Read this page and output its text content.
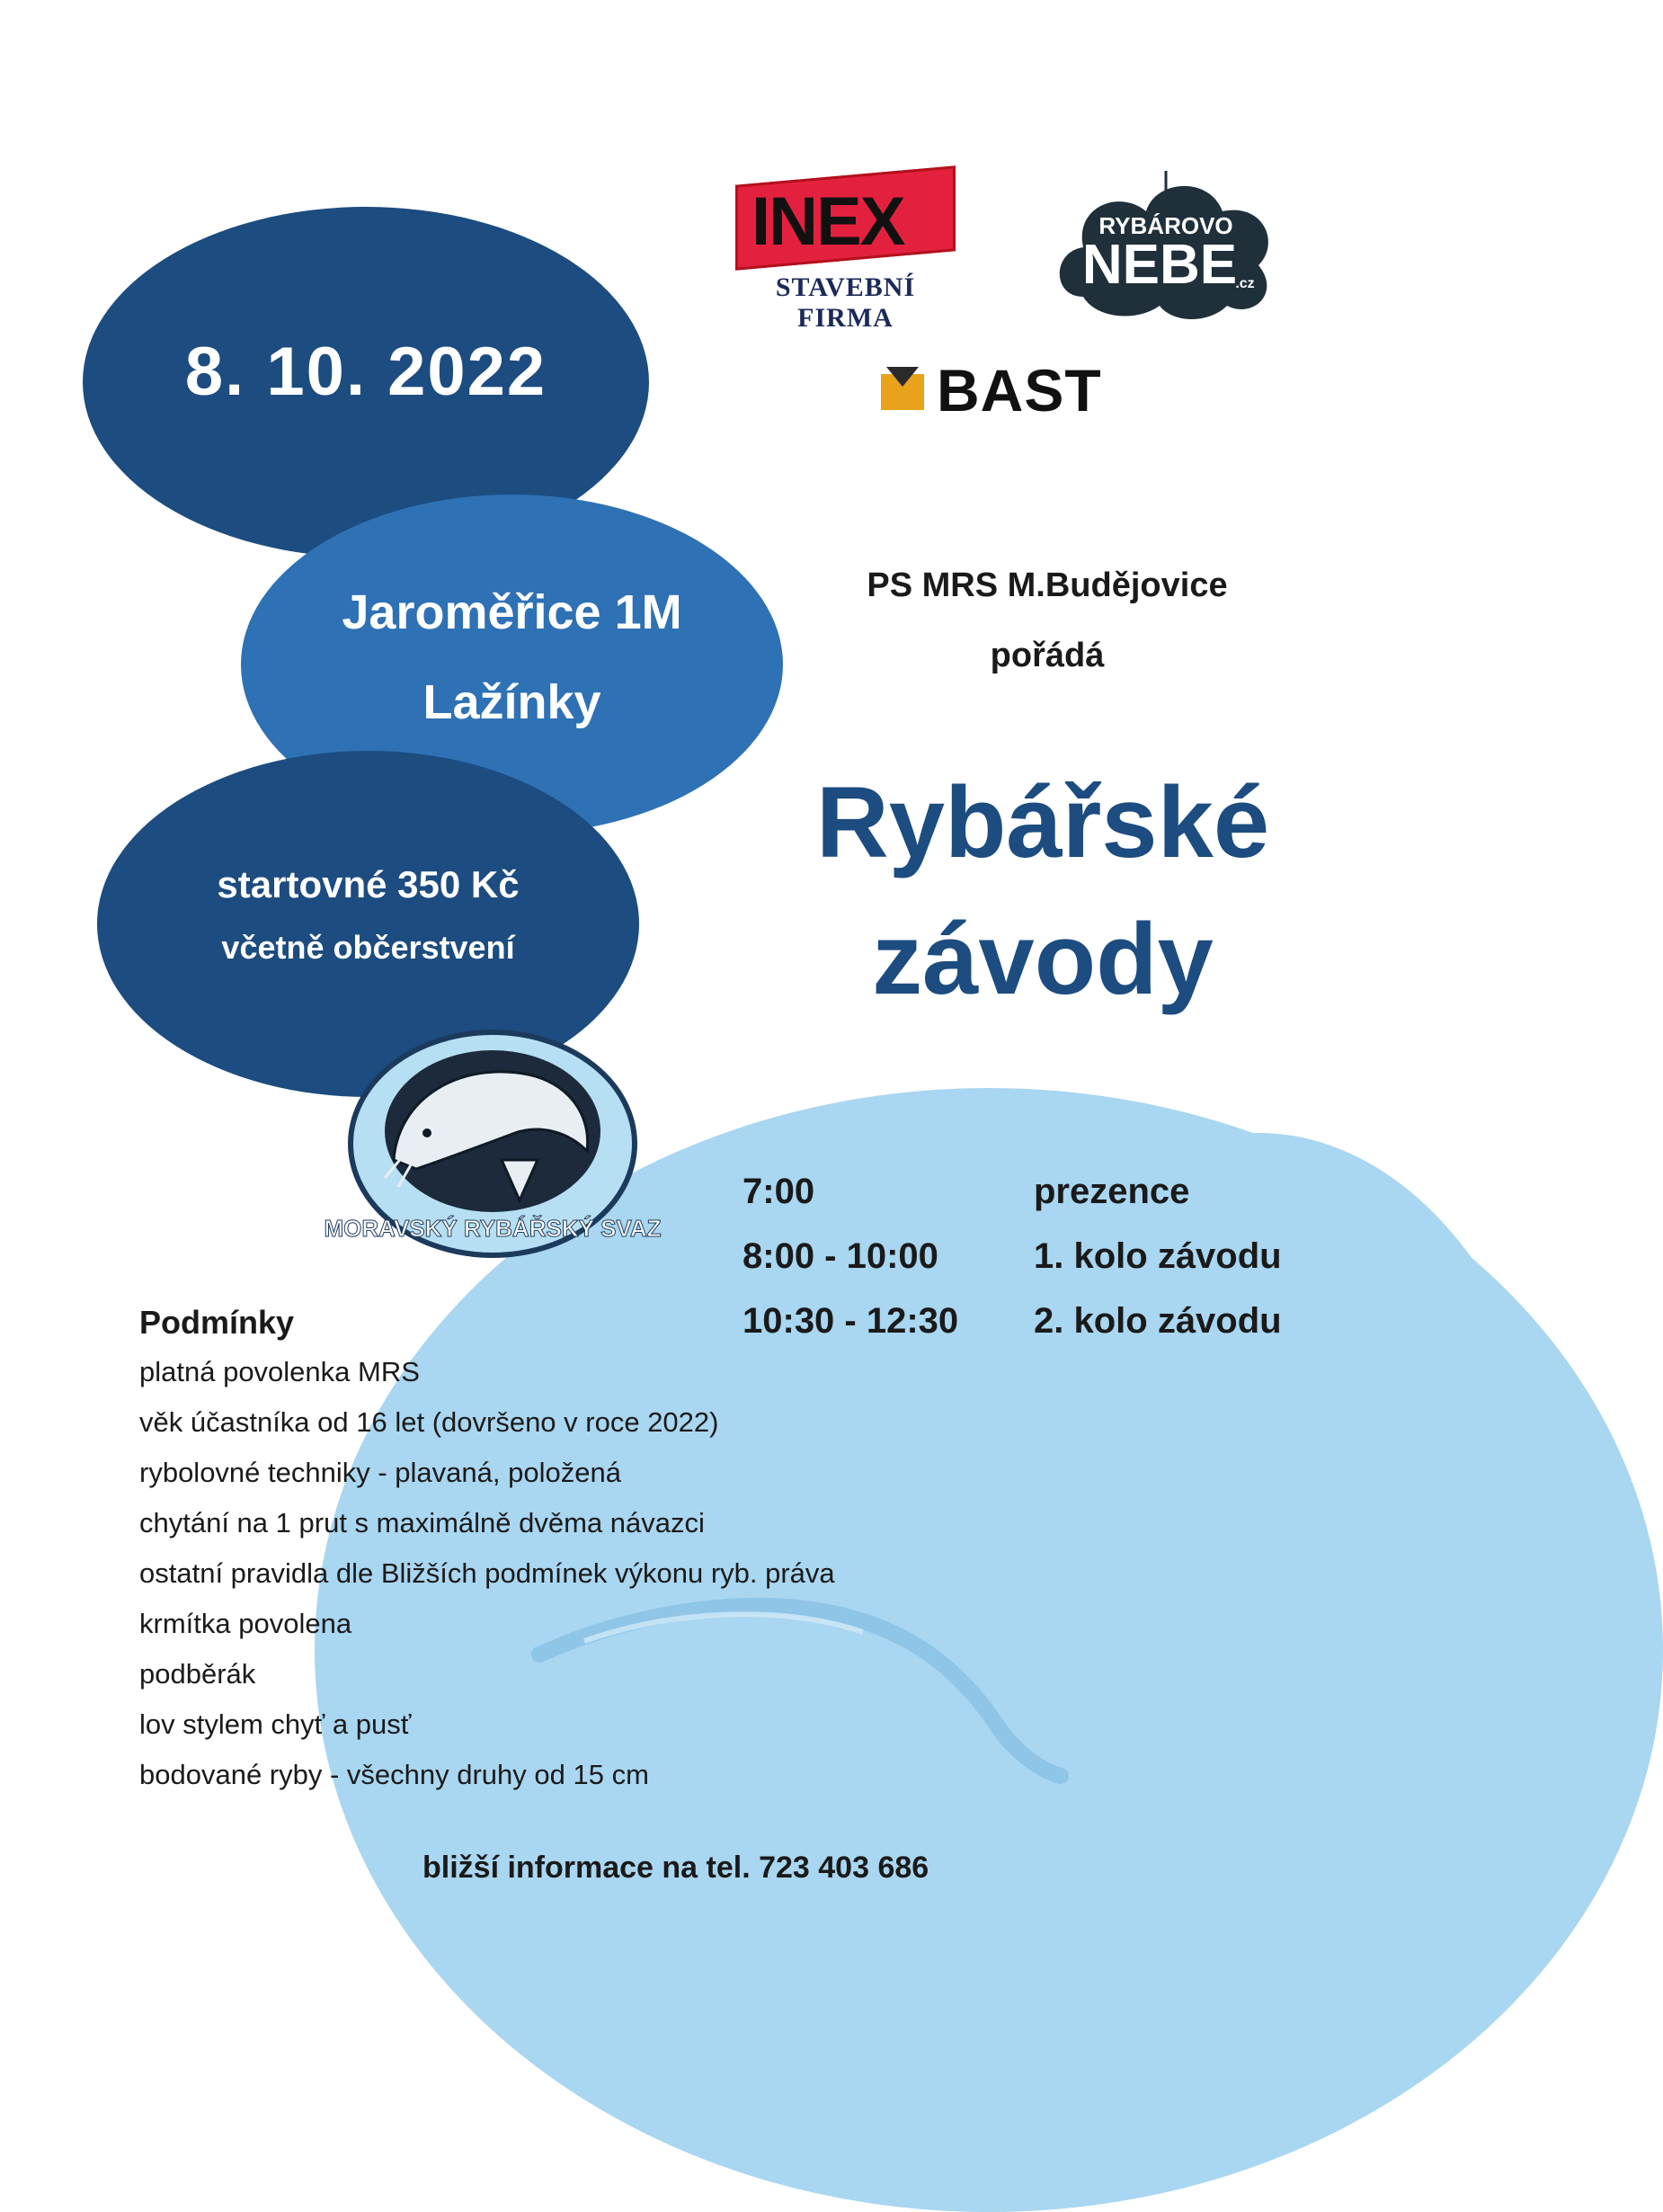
8. 10. 2022
Jaroměřice 1M
Lažínky
startovné 350 Kč
včetně občerstvení
MORAVSKÝ RYBÁŘSKÝ SVAZ
INEX
STAVEBNÍ
FIRMA
RYBÁROVO
NEBE
.cz
BAST
PS MRS M.Budějovice
pořádá
Rybářské
závody
7:00	prezence
8:00 - 10:00	1. kolo závodu
10:30 - 12:30 2. kolo závodu
Podmínky
platná povolenka MRS
věk účastníka od 16 let (dovršeno v roce 2022)
rybolovné techniky - plavaná, položená
chytání na 1 prut s maximálně dvěma návazci
ostatní pravidla dle Bližších podmínek výkonu ryb. práva
krmítka povolena
podběrák
lov stylem chyť a pusť
bodované ryby - všechny druhy od 15 cm
bližší informace na tel. 723 403 686
